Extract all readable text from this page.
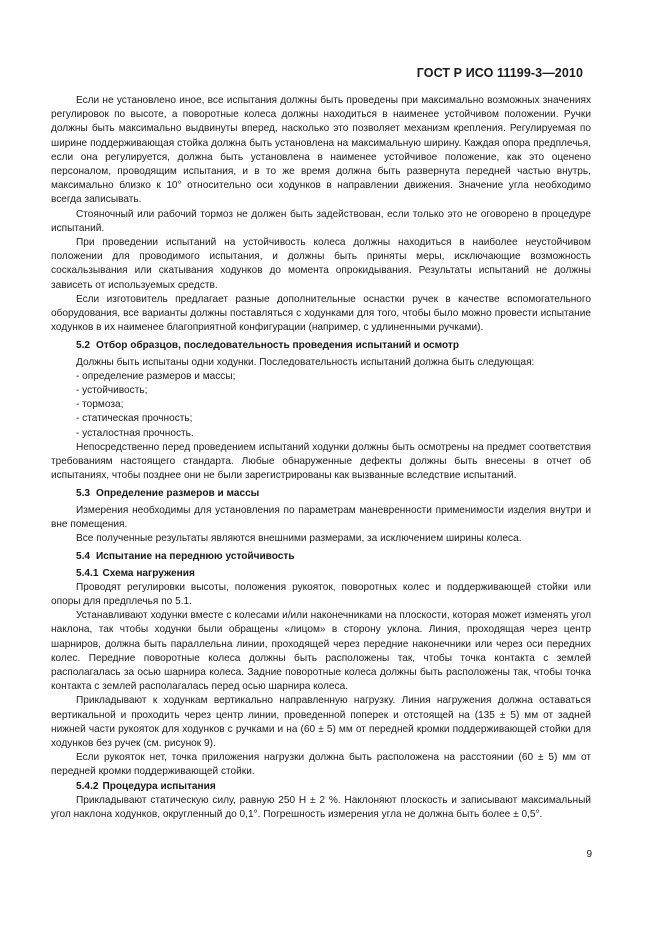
ГОСТ Р ИСО 11199-3—2010

Если не установлено иное, все испытания должны быть проведены при максимально возможных значениях регулировок по высоте, а поворотные колеса должны находиться в наименее устойчивом положении. Ручки должны быть максимально выдвинуты вперед, насколько это позволяет механизм крепления. Регулируемая по ширине поддерживающая стойка должна быть установлена на максимальную ширину. Каждая опора предплечья, если она регулируется, должна быть установлена в наименее устойчивое положение, как это оценено персоналом, проводящим испытания, и в то же время должна быть развернута передней частью внутрь, максимально близко к 10° относительно оси ходунков в направлении движения. Значение угла необходимо всегда записывать.

Стояночный или рабочий тормоз не должен быть задействован, если только это не оговорено в процедуре испытаний.

При проведении испытаний на устойчивость колеса должны находиться в наиболее неустойчивом положении для проводимого испытания, и должны быть приняты меры, исключающие возможность соскальзывания или скатывания ходунков до момента опрокидывания. Результаты испытаний не должны зависеть от используемых средств.

Если изготовитель предлагает разные дополнительные оснастки ручек в качестве вспомогательного оборудования, все варианты должны поставляться с ходунками для того, чтобы было можно провести испытание ходунков в их наименее благоприятной конфигурации (например, с удлиненными ручками).

5.2 Отбор образцов, последовательность проведения испытаний и осмотр

Должны быть испытаны одни ходунки. Последовательность испытаний должна быть следующая:

- определение размеров и массы;
- устойчивость;
- тормоза;
- статическая прочность;
- усталостная прочность.

Непосредственно перед проведением испытаний ходунки должны быть осмотрены на предмет соответствия требованиям настоящего стандарта. Любые обнаруженные дефекты должны быть внесены в отчет об испытаниях, чтобы позднее они не были зарегистрированы как вызванные вследствие испытаний.

5.3 Определение размеров и массы

Измерения необходимы для установления по параметрам маневренности применимости изделия внутри и вне помещения.

Все полученные результаты являются внешними размерами, за исключением ширины колеса.

5.4 Испытание на переднюю устойчивость
5.4.1 Схема нагружения

Проводят регулировки высоты, положения рукояток, поворотных колес и поддерживающей стойки или опоры для предплечья по 5.1.

Устанавливают ходунки вместе с колесами и/или наконечниками на плоскости, которая может изменять угол наклона, так чтобы ходунки были обращены «лицом» в сторону уклона. Линия, проходящая через центр шарниров, должна быть параллельна линии, проходящей через передние наконечники или через оси передних колес. Передние поворотные колеса должны быть расположены так, чтобы точка контакта с землей располагалась за осью шарнира колеса. Задние поворотные колеса должны быть расположены так, чтобы точка контакта с землей располагалась перед осью шарнира колеса.

Прикладывают к ходункам вертикально направленную нагрузку. Линия нагружения должна оставаться вертикальной и проходить через центр линии, проведенной поперек и отстоящей на (135 ± 5) мм от задней нижней части рукояток для ходунков с ручками и на (60 ± 5) мм от передней кромки поддерживающей стойки для ходунков без ручек (см. рисунок 9).

Если рукояток нет, точка приложения нагрузки должна быть расположена на расстоянии (60 ± 5) мм от передней кромки поддерживающей стойки.

5.4.2 Процедура испытания

Прикладывают статическую силу, равную 250 Н ± 2 %. Наклоняют плоскость и записывают максимальный угол наклона ходунков, округленный до 0,1°. Погрешность измерения угла не должна быть более ± 0,5°.

9
